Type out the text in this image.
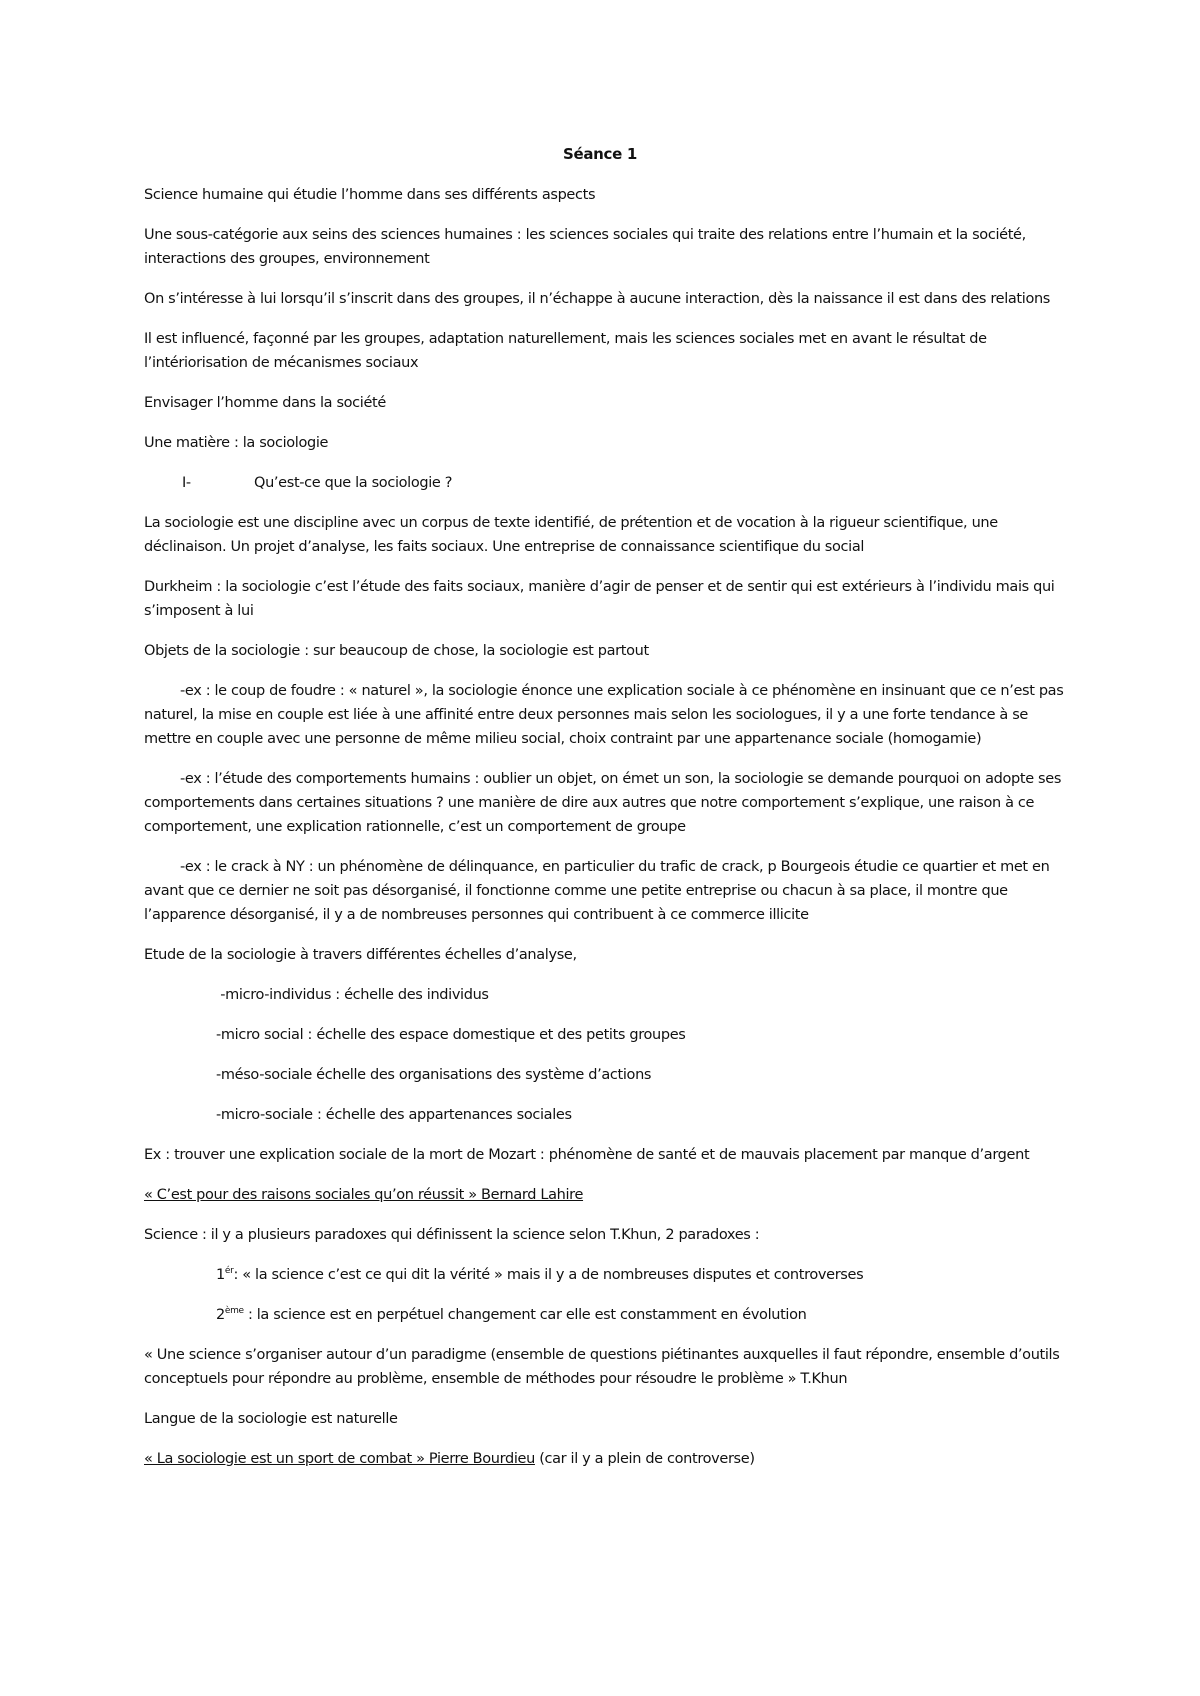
Séance 1

Science humaine qui étudie l’homme dans ses différents aspects

Une sous-catégorie aux seins des sciences humaines : les sciences sociales qui traite des relations entre l’humain et la société, interactions des groupes, environnement

On s’intéresse à lui lorsqu’il s’inscrit dans des groupes, il n’échappe à aucune interaction, dès la naissance il est dans des relations

Il est influencé, façonné par les groupes, adaptation naturellement, mais les sciences sociales met en avant le résultat de l’intériorisation de mécanismes sociaux

Envisager l’homme dans la société

Une matière : la sociologie

I-	Qu’est-ce que la sociologie ?

La sociologie est une discipline avec un corpus de texte identifié, de prétention et de vocation à la rigueur scientifique, une déclinaison. Un projet d’analyse, les faits sociaux. Une entreprise de connaissance scientifique du social

Durkheim : la sociologie c’est l’étude des faits sociaux, manière d’agir de penser et de sentir qui est extérieurs à l’individu mais qui s’imposent à lui

Objets de la sociologie : sur beaucoup de chose, la sociologie est partout

-ex : le coup de foudre : « naturel », la sociologie énonce une explication sociale à ce phénomène en insinuant que ce n’est pas naturel, la mise en couple est liée à une affinité entre deux personnes mais selon les sociologues, il y a une forte tendance à se mettre en couple avec une personne de même milieu social, choix contraint par une appartenance sociale (homogamie)

-ex : l’étude des comportements humains : oublier un objet, on émet un son, la sociologie se demande pourquoi on adopte ses comportements dans certaines situations ? une manière de dire aux autres que notre comportement s’explique, une raison à ce comportement, une explication rationnelle, c’est un comportement de groupe

-ex : le crack à NY : un phénomène de délinquance, en particulier du trafic de crack, p Bourgeois étudie ce quartier et met en avant que ce dernier ne soit pas désorganisé, il fonctionne comme une petite entreprise ou chacun à sa place, il montre que l’apparence désorganisé, il y a de nombreuses personnes qui contribuent à ce commerce illicite

Etude de la sociologie à travers différentes échelles d’analyse,

-micro-individus : échelle des individus

-micro social : échelle des espace domestique et des petits groupes

-méso-sociale échelle des organisations des système d’actions

-micro-sociale : échelle des appartenances sociales

Ex : trouver une explication sociale de la mort de Mozart : phénomène de santé et de mauvais placement par manque d’argent

« C’est pour des raisons sociales qu’on réussit » Bernard Lahire

Science : il y a plusieurs paradoxes qui définissent la science selon T.Khun, 2 paradoxes :

$1^{ér}$: « la science c’est ce qui dit la vérité » mais il y a de nombreuses disputes et controverses

2ème : la science est en perpétuel changement car elle est constamment en évolution

« Une science s’organiser autour d’un paradigme (ensemble de questions piétinantes auxquelles il faut répondre, ensemble d’outils conceptuels pour répondre au problème, ensemble de méthodes pour résoudre le problème » T.Khun

Langue de la sociologie est naturelle

« La sociologie est un sport de combat » Pierre Bourdieu (car il y a plein de controverse)
